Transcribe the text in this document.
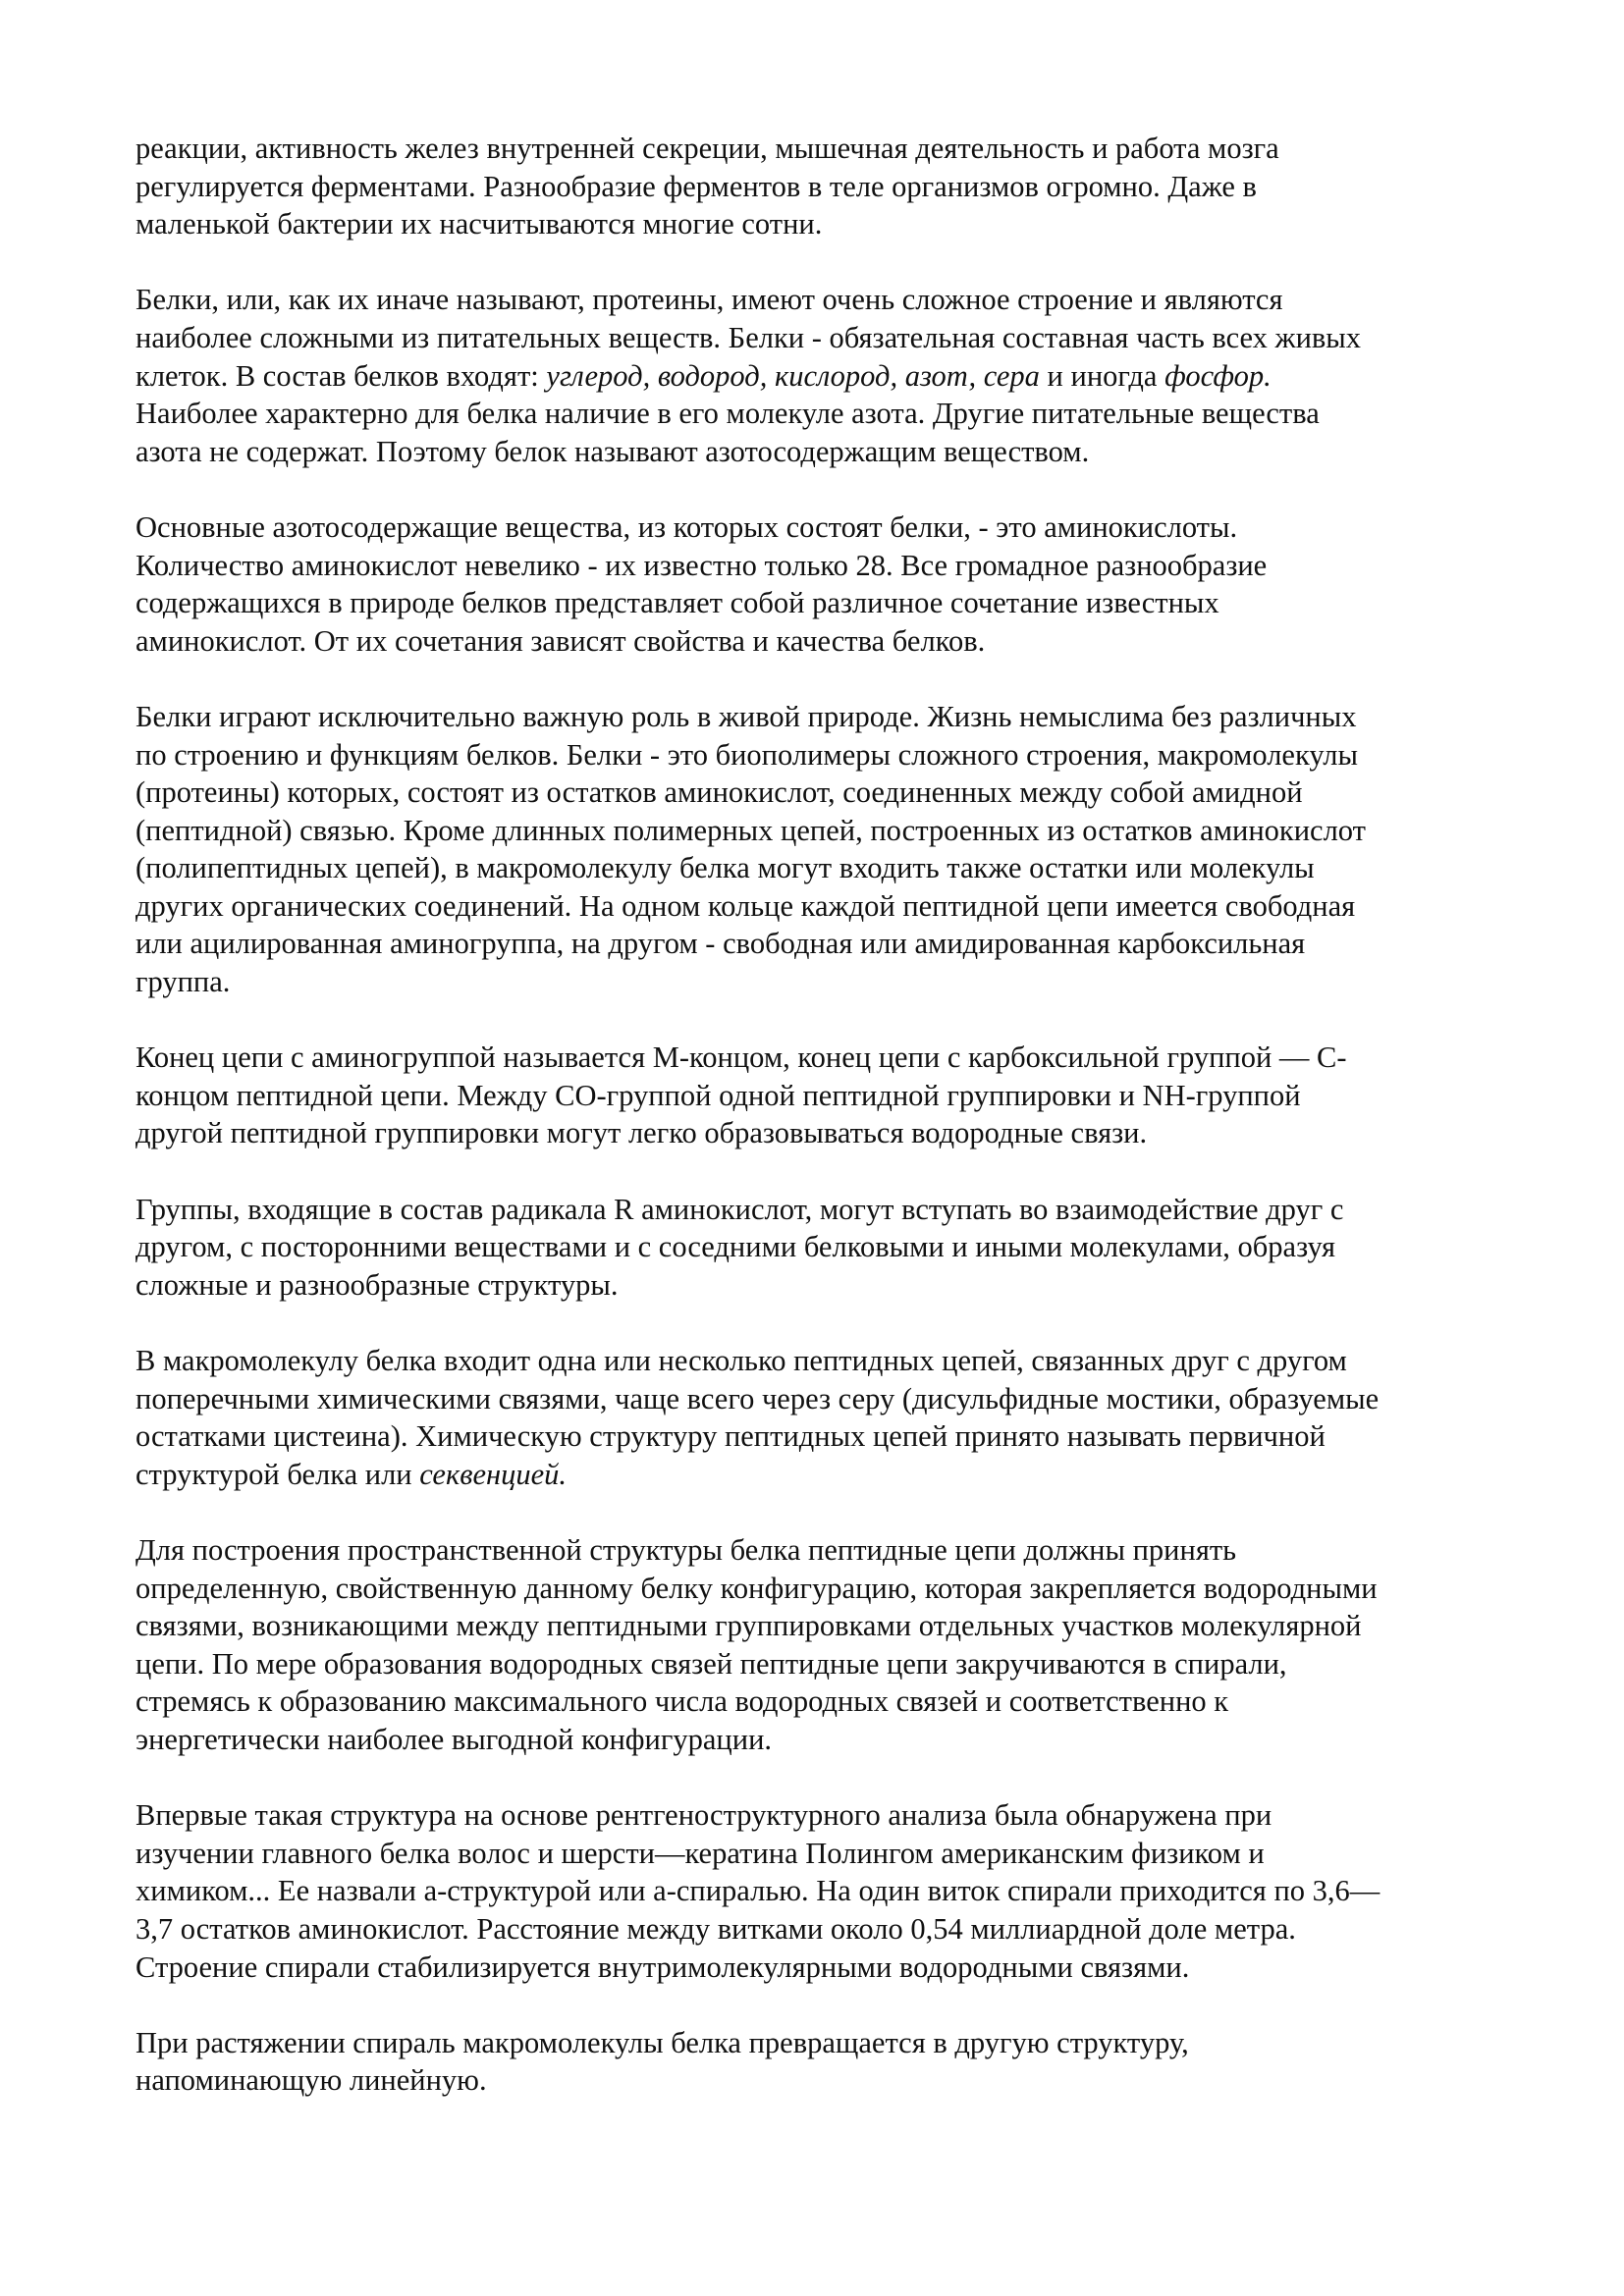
реакции, активность желез внутренней секреции, мышечная деятельность и работа мозга
регулируется ферментами. Разнообразие ферментов в теле организмов огромно. Даже в
маленькой бактерии их насчитываются многие сотни.
Белки, или, как их иначе называют, протеины, имеют очень сложное строение и являются
наиболее сложными из питательных веществ. Белки - обязательная составная часть всех живых
клеток. В состав белков входят: углерод, водород, кислород, азот, сера и иногда фосфор.
Наиболее характерно для белка наличие в его молекуле азота. Другие питательные вещества
азота не содержат. Поэтому белок называют азотосодержащим веществом.
Основные азотосодержащие вещества, из которых состоят белки, - это аминокислоты.
Количество аминокислот невелико - их известно только 28. Все громадное разнообразие
содержащихся в природе белков представляет собой различное сочетание известных
аминокислот. От их сочетания зависят свойства и качества белков.
Белки играют исключительно важную роль в живой природе. Жизнь немыслима без различных
по строению и функциям белков. Белки - это биополимеры сложного строения, макромолекулы
(протеины) которых, состоят из остатков аминокислот, соединенных между собой амидной
(пептидной) связью. Кроме длинных полимерных цепей, построенных из остатков аминокислот
(полипептидных цепей), в макромолекулу белка могут входить также остатки или молекулы
других органических соединений. На одном кольце каждой пептидной цепи имеется свободная
или ацилированная аминогруппа, на другом - свободная или амидированная карбоксильная
группа.
Конец цепи с аминогруппой называется М-концом, конец цепи с карбоксильной группой — С-
концом пептидной цепи. Между СО-группой одной пептидной группировки и NH-группой
другой пептидной группировки могут легко образовываться водородные связи.
Группы, входящие в состав радикала R аминокислот, могут вступать во взаимодействие друг с
другом, с посторонними веществами и с соседними белковыми и иными молекулами, образуя
сложные и разнообразные структуры.
В макромолекулу белка входит одна или несколько пептидных цепей, связанных друг с другом
поперечными химическими связями, чаще всего через серу (дисульфидные мостики, образуемые
остатками цистеина). Химическую структуру пептидных цепей принято называть первичной
структурой белка или секвенцией.
Для построения пространственной структуры белка пептидные цепи должны принять
определенную, свойственную данному белку конфигурацию, которая закрепляется водородными
связями, возникающими между пептидными группировками отдельных участков молекулярной
цепи. По мере образования водородных связей пептидные цепи закручиваются в спирали,
стремясь к образованию максимального числа водородных связей и соответственно к
энергетически наиболее выгодной конфигурации.
Впервые такая структура на основе рентгеноструктурного анализа была обнаружена при
изучении главного белка волос и шерсти—кератина Полингом американским физиком и
химиком... Ее назвали а-структурой или а-спиралью. На один виток спирали приходится по 3,6—
3,7 остатков аминокислот. Расстояние между витками около 0,54 миллиардной доле метра.
Строение спирали стабилизируется внутримолекулярными водородными связями.
При растяжении спираль макромолекулы белка превращается в другую структуру,
напоминающую линейную.
